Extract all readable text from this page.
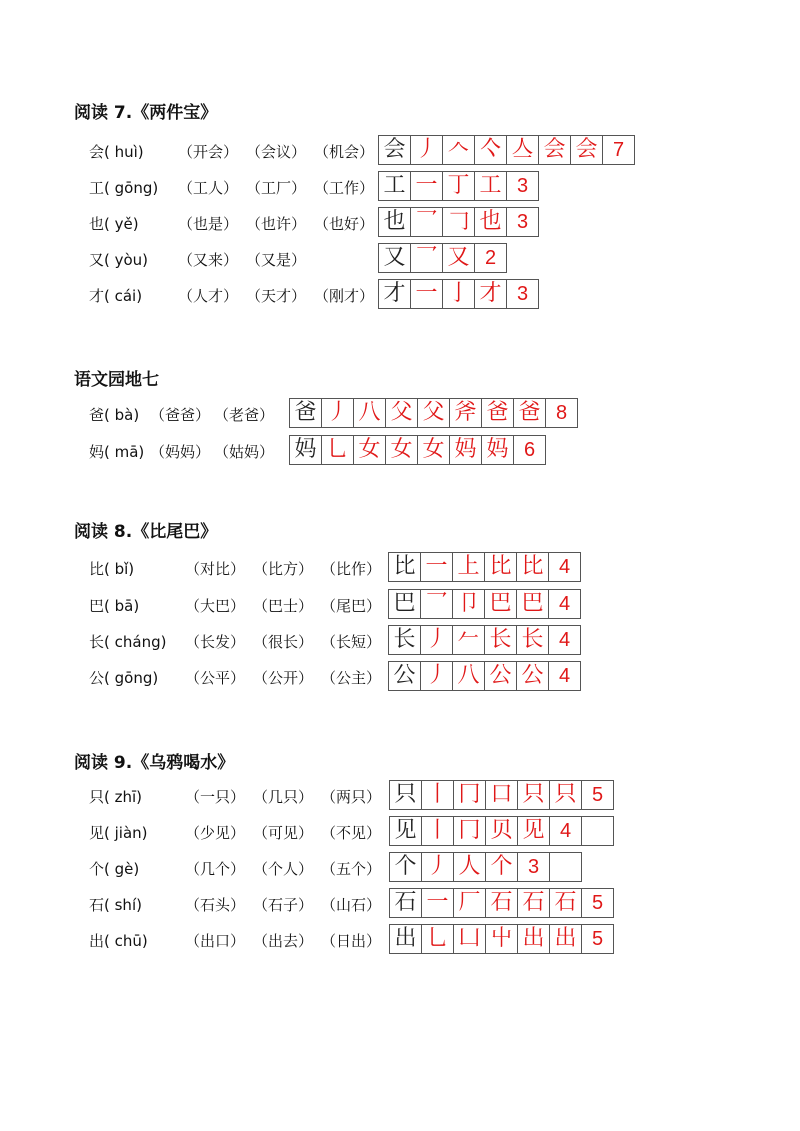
阅读 7.《两件宝》
会( huì) （开会） （会议） （机会） 会 丿 𠆢 亽 亼 会 会 7
工( gōng) （工人） （工厂） （工作） 工 一 丁 工 3
也( yě)	（也是） （也许） （也好） 也 乛 𠃌 也 3
又( yòu) （又来） （又是）	又 乛 又 2
才( cái) （人才） （天才） （刚才） 才 一 亅 才 3
语文园地七
爸( bà) （爸爸） （老爸） 爸 丿 八 父 父 斧 爸 爸 8
妈( mā) （妈妈） （姑妈） 妈 乚 女 女 女 妈 妈 6
阅读 8.《比尾巴》
比( bǐ)	（对比） （比方） （比作） 比 一 上 比 比 4
巴( bā)	（大巴） （巴士） （尾巴） 巴 乛 卩 巴 巴 4
长( cháng) （长发） （很长） （长短） 长 丿 𠂉 长 长 4
公( gōng) （公平） （公开） （公主） 公 丿 八 公 公 4
阅读 9.《乌鸦喝水》
只( zhī)	（一只） （几只） （两只） 只 丨 冂 口 只 只 5
见( jiàn) （少见） （可见） （不见） 见 丨 冂 贝 见 4
个( gè)	（几个） （个人） （五个） 个 丿 人 个 3
石( shí)	（石头） （石子） （山石） 石 一 厂 石 石 石 5
出( chū) （出口） （出去） （日出） 出 乚 凵 屮 出 出 5
